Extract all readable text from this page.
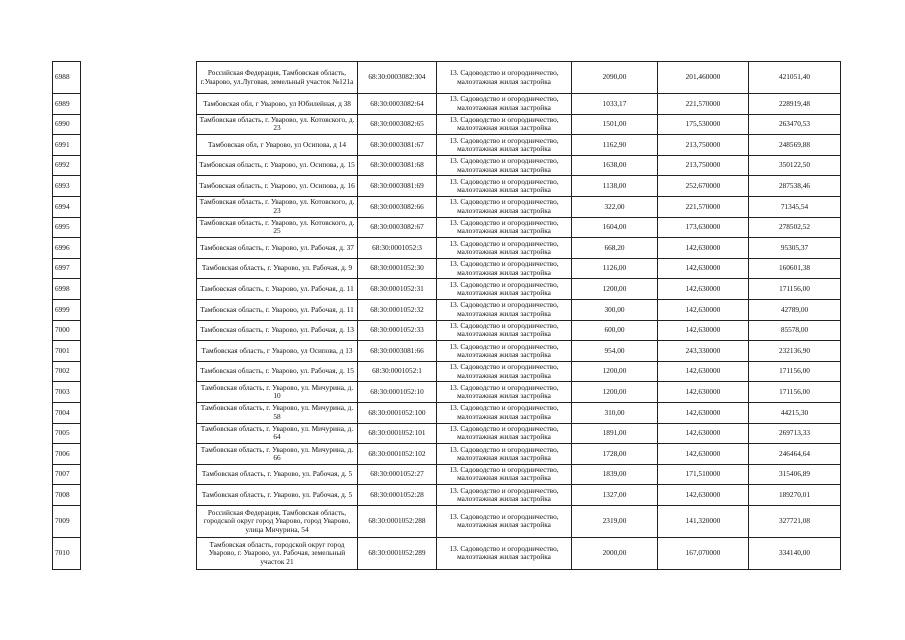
6988		Российская Федерация, Тамбовская область, г.Уварово, ул.Луговая, земельный участок №121а	68:30:0003082:304	13. Садоводство и огородничество, малоэтажная жилая застройка	2090,00	201,460000	421051,40
6989		Тамбовская обл, г Уварово, ул Юбилейная, д 38	68:30:0003082:64	13. Садоводство и огородничество, малоэтажная жилая застройка	1033,17	221,570000	228919,48
6990		Тамбовская область, г. Уварово, ул. Котовского, д. 23	68:30:0003082:65	13. Садоводство и огородничество, малоэтажная жилая застройка	1501,00	175,530000	263470,53
6991		Тамбовская обл, г Уварово, ул Осипова, д 14	68:30:0003081:67	13. Садоводство и огородничество, малоэтажная жилая застройка	1162,90	213,750000	248569,88
6992		Тамбовская область, г. Уварово, ул. Осипова, д. 15	68:30:0003081:68	13. Садоводство и огородничество, малоэтажная жилая застройка	1638,00	213,750000	350122,50
6993		Тамбовская область, г. Уварово, ул. Осипова, д. 16	68:30:0003081:69	13. Садоводство и огородничество, малоэтажная жилая застройка	1138,00	252,670000	287538,46
6994		Тамбовская область, г. Уварово, ул. Котовского, д. 23	68:30:0003082:66	13. Садоводство и огородничество, малоэтажная жилая застройка	322,00	221,570000	71345,54
6995		Тамбовская область, г. Уварово, ул. Котовского, д. 25	68:30:0003082:67	13. Садоводство и огородничество, малоэтажная жилая застройка	1604,00	173,630000	278502,52
6996		Тамбовская область, г. Уварово, ул. Рабочая, д. 37	68:30:0001052:3	13. Садоводство и огородничество, малоэтажная жилая застройка	668,20	142,630000	95305,37
6997		Тамбовская область, г. Уварово, ул. Рабочая, д. 9	68:30:0001052:30	13. Садоводство и огородничество, малоэтажная жилая застройка	1126,00	142,630000	160601,38
6998		Тамбовская область, г. Уварово, ул. Рабочая, д. 11	68:30:0001052:31	13. Садоводство и огородничество, малоэтажная жилая застройка	1200,00	142,630000	171156,00
6999		Тамбовская область, г. Уварово, ул. Рабочая, д. 11	68:30:0001052:32	13. Садоводство и огородничество, малоэтажная жилая застройка	300,00	142,630000	42789,00
7000		Тамбовская область, г. Уварово, ул. Рабочая, д. 13	68:30:0001052:33	13. Садоводство и огородничество, малоэтажная жилая застройка	600,00	142,630000	85578,00
7001		Тамбовская область, г Уварово, ул Осипова, д 13	68:30:0003081:66	13. Садоводство и огородничество, малоэтажная жилая застройка	954,00	243,330000	232136,90
7002		Тамбовская область, г. Уварово, ул. Рабочая, д. 15	68:30:0001052:1	13. Садоводство и огородничество, малоэтажная жилая застройка	1200,00	142,630000	171156,00
7003		Тамбовская область, г. Уварово, ул. Мичурина, д. 10	68:30:0001052:10	13. Садоводство и огородничество, малоэтажная жилая застройка	1200,00	142,630000	171156,00
7004		Тамбовская область, г. Уварово, ул. Мичурина, д. 58	68:30:0001052:100	13. Садоводство и огородничество, малоэтажная жилая застройка	310,00	142,630000	44215,30
7005		Тамбовская область, г. Уварово, ул. Мичурина, д. 64	68:30:0001052:101	13. Садоводство и огородничество, малоэтажная жилая застройка	1891,00	142,630000	269713,33
7006		Тамбовская область, г. Уварово, ул. Мичурина, д. 66	68:30:0001052:102	13. Садоводство и огородничество, малоэтажная жилая застройка	1728,00	142,630000	246464,64
7007		Тамбовская область, г. Уварово, ул. Рабочая, д. 5	68:30:0001052:27	13. Садоводство и огородничество, малоэтажная жилая застройка	1839,00	171,510000	315406,89
7008		Тамбовская область, г. Уварово, ул. Рабочая, д. 5	68:30:0001052:28	13. Садоводство и огородничество, малоэтажная жилая застройка	1327,00	142,630000	189270,01
7009		Российская Федерация, Тамбовская область, городской округ город Уварово, город Уварово, улица Мичурина, 54	68:30:0001052:288	13. Садоводство и огородничество, малоэтажная жилая застройка	2319,00	141,320000	327721,08
7010		Тамбовская область, городской округ город Уварово, г. Уварово, ул. Рабочая, земельный участок 21	68:30:0001052:289	13. Садоводство и огородничество, малоэтажная жилая застройка	2000,00	167,070000	334140,00
